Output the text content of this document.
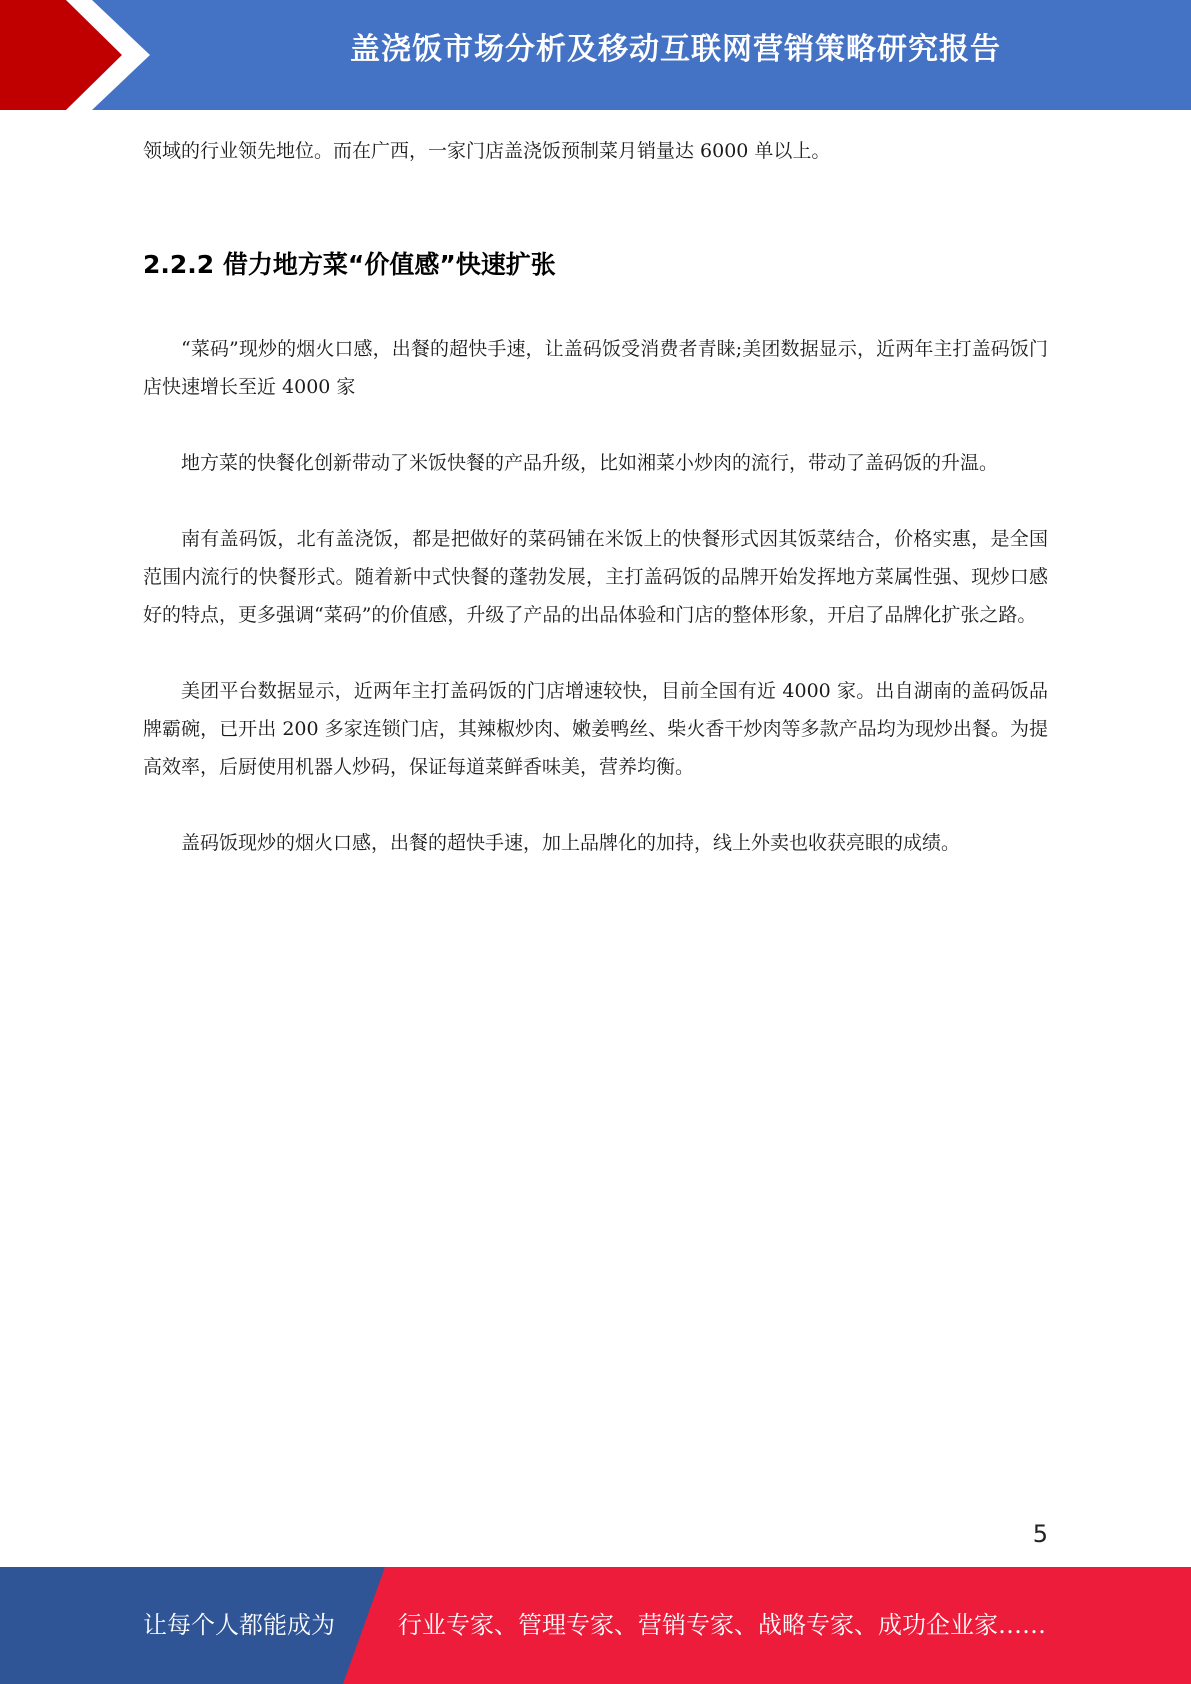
盖浇饭市场分析及移动互联网营销策略研究报告

领域的行业领先地位。而在广西，一家门店盖浇饭预制菜月销量达 6000 单以上。

2.2.2 借力地方菜“价值感”快速扩张

“菜码”现炒的烟火口感，出餐的超快手速，让盖码饭受消费者青睐;美团数据显示，近两年主打盖码饭门店快速增长至近 4000 家

地方菜的快餐化创新带动了米饭快餐的产品升级，比如湘菜小炒肉的流行，带动了盖码饭的升温。

南有盖码饭，北有盖浇饭，都是把做好的菜码铺在米饭上的快餐形式因其饭菜结合，价格实惠，是全国范围内流行的快餐形式。随着新中式快餐的蓬勃发展，主打盖码饭的品牌开始发挥地方菜属性强、现炒口感好的特点，更多强调“菜码”的价值感，升级了产品的出品体验和门店的整体形象，开启了品牌化扩张之路。

美团平台数据显示，近两年主打盖码饭的门店增速较快，目前全国有近 4000 家。出自湖南的盖码饭品牌霸碗，已开出 200 多家连锁门店，其辣椒炒肉、嫩姜鸭丝、柴火香干炒肉等多款产品均为现炒出餐。为提高效率，后厨使用机器人炒码，保证每道菜鲜香味美，营养均衡。

盖码饭现炒的烟火口感，出餐的超快手速，加上品牌化的加持，线上外卖也收获亮眼的成绩。

5
让每个人都能成为	行业专家、管理专家、营销专家、战略专家、成功企业家……
